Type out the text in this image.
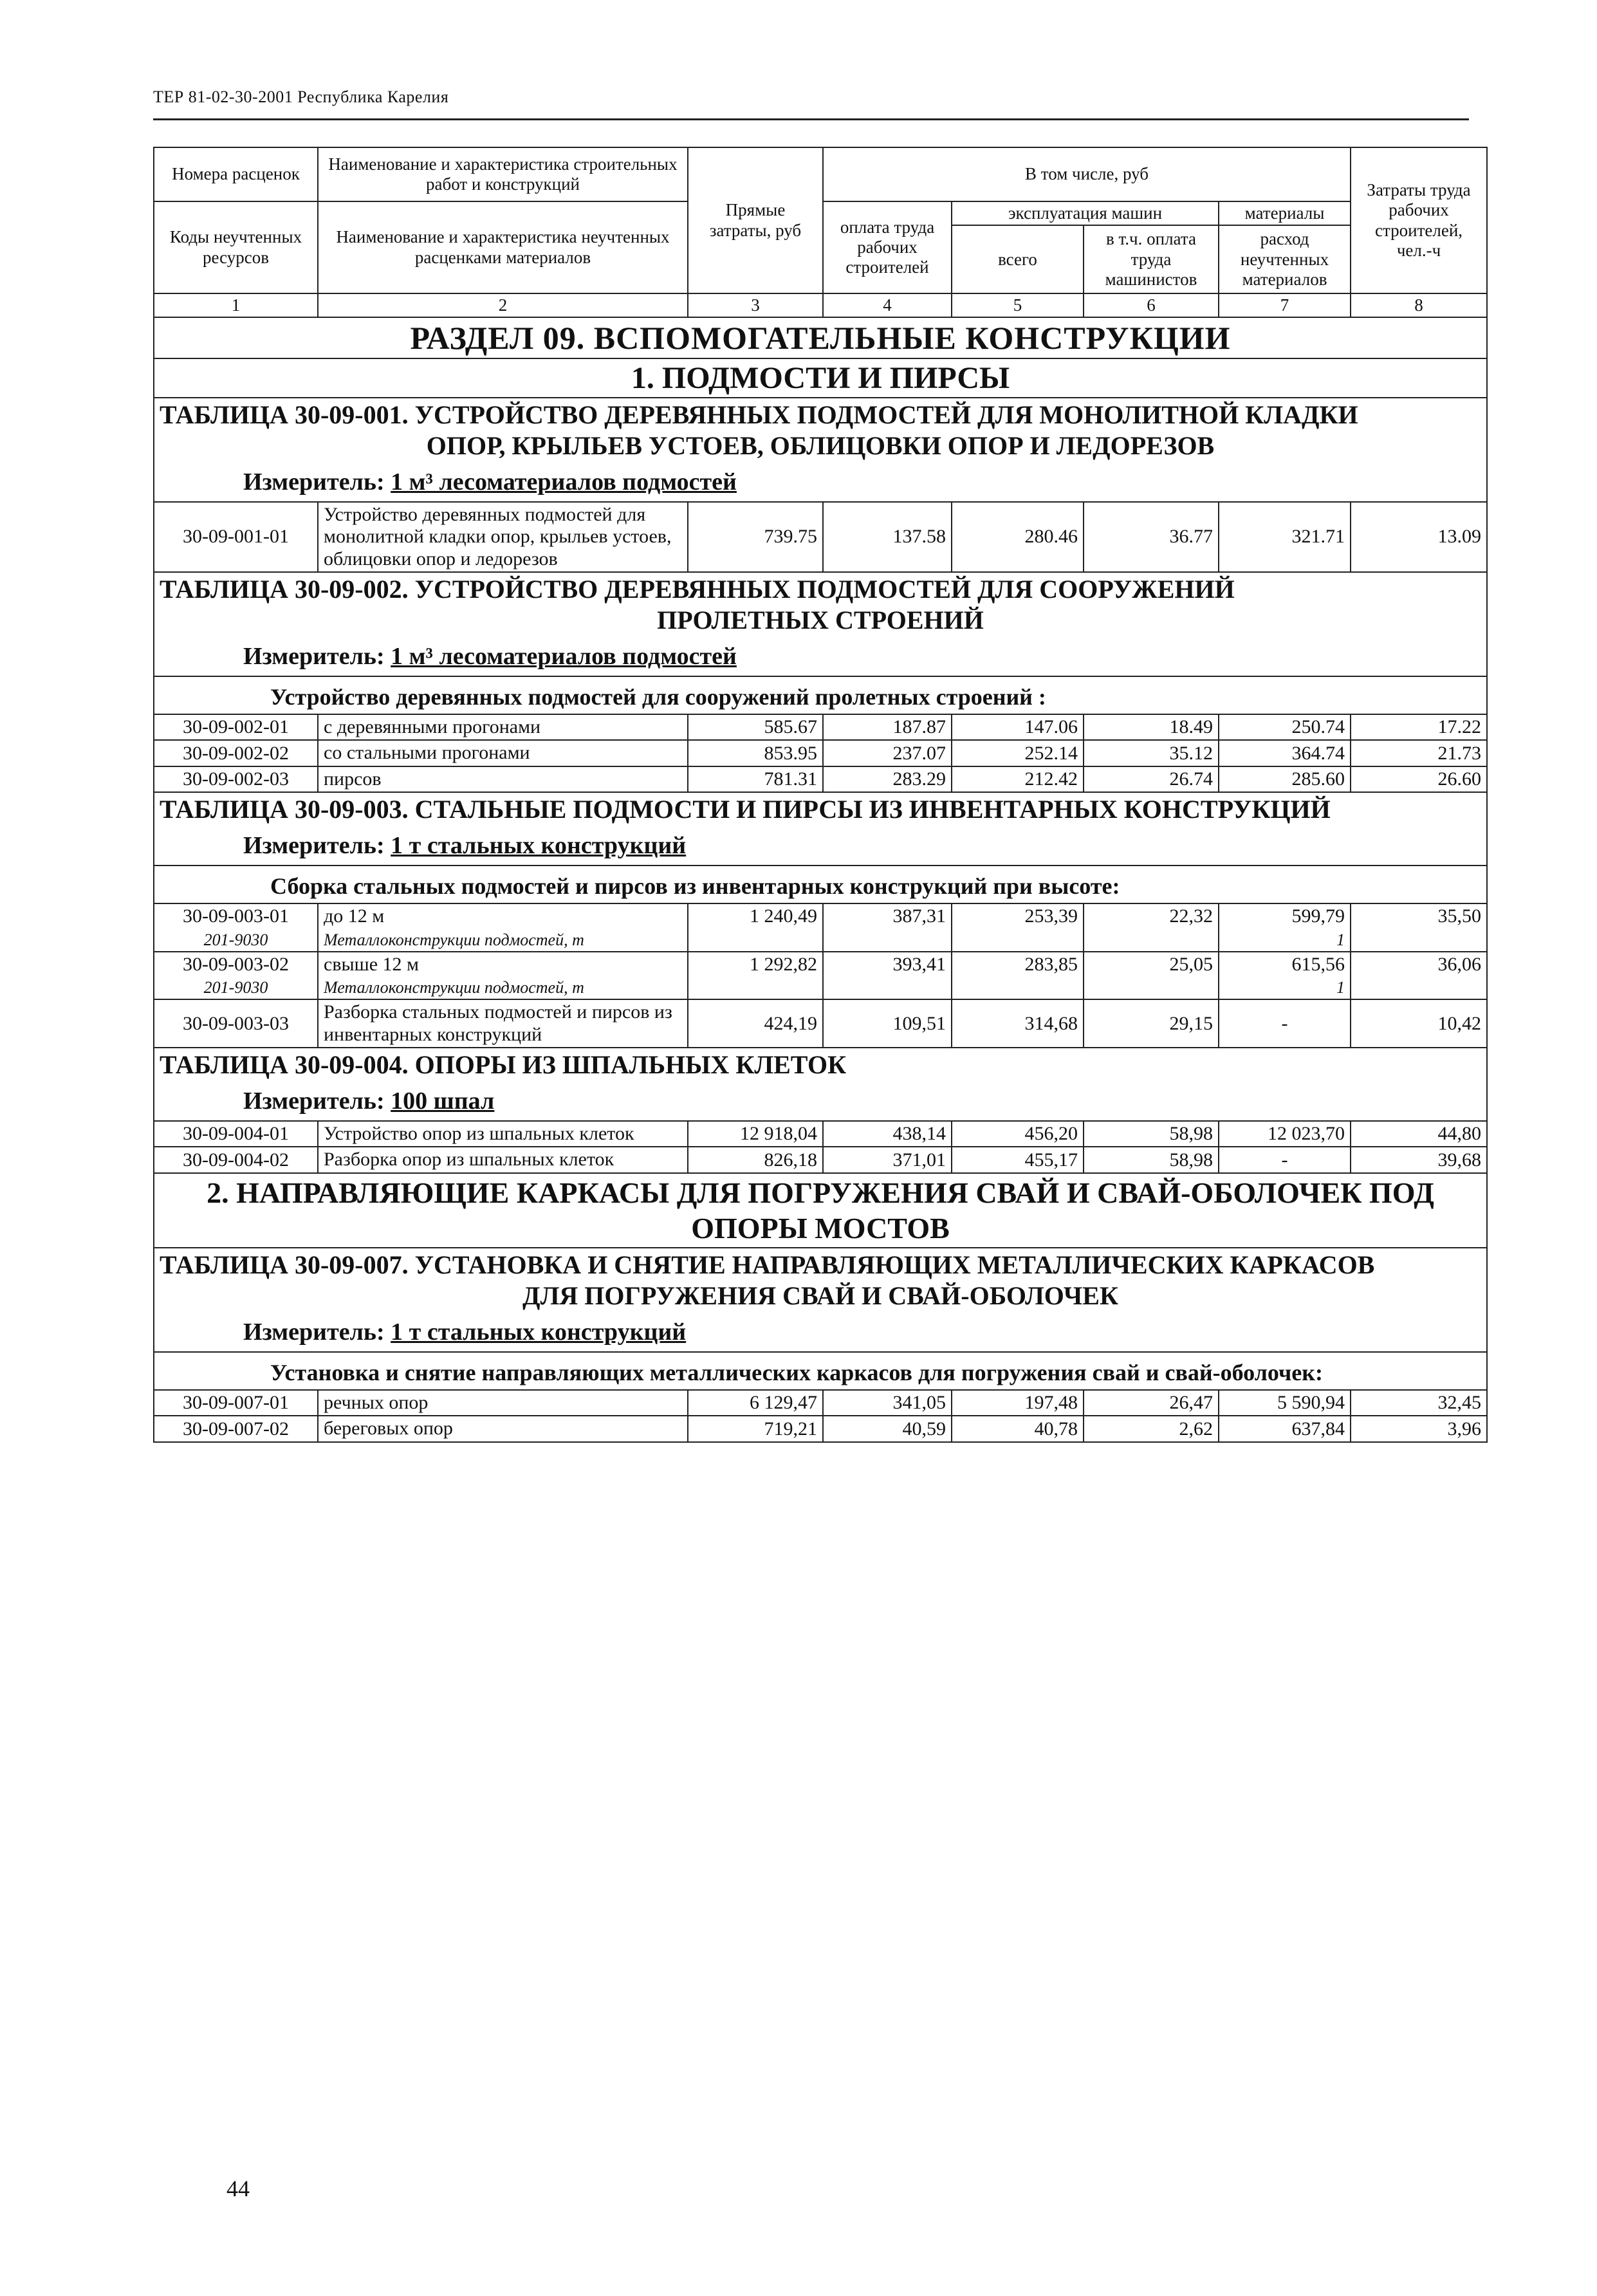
ТЕР 81-02-30-2001 Республика Карелия
Номера расценок	Наименование и характеристика строительных работ и конструкций	Прямые затраты, руб	В том числе, руб				Затраты труда рабочих строителей, чел.-ч
Коды неучтенных ресурсов	Наименование и характеристика неучтенных расценками материалов		оплата труда рабочих строителей	эксплуатация машин		материалы	
				всего	в т.ч. оплата труда машинистов	расход неучтенных материалов	
1	2	3	4	5	6	7	8
РАЗДЕЛ 09. ВСПОМОГАТЕЛЬНЫЕ КОНСТРУКЦИИ							
1. ПОДМОСТИ И ПИРСЫ							
ТАБЛИЦА 30-09-001. УСТРОЙСТВО ДЕРЕВЯННЫХ ПОДМОСТЕЙ ДЛЯ МОНОЛИТНОЙ КЛАДКИ
ОПОР, КРЫЛЬЕВ УСТОЕВ, ОБЛИЦОВКИ ОПОР И ЛЕДОРЕЗОВ
Измеритель: 1 м³ лесоматериалов подмостей							

30-09-001-01	Устройство деревянных подмостей для монолитной кладки опор, крыльев устоев, облицовки опор и ледорезов	739.75	137.58	280.46	36.77	321.71	13.09
ТАБЛИЦА 30-09-002. УСТРОЙСТВО ДЕРЕВЯННЫХ ПОДМОСТЕЙ ДЛЯ СООРУЖЕНИЙ
ПРОЛЕТНЫХ СТРОЕНИЙ
Измеритель: 1 м³ лесоматериалов подмостей							

Устройство деревянных подмостей для сооружений пролетных строений :							
30-09-002-01	с деревянными прогонами	585.67	187.87	147.06	18.49	250.74	17.22
30-09-002-02	со стальными прогонами	853.95	237.07	252.14	35.12	364.74	21.73
30-09-002-03	пирсов	781.31	283.29	212.42	26.74	285.60	26.60
ТАБЛИЦА 30-09-003. СТАЛЬНЫЕ ПОДМОСТИ И ПИРСЫ ИЗ ИНВЕНТАРНЫХ КОНСТРУКЦИЙ
Измеритель: 1 т стальных конструкций							

Сборка стальных подмостей и пирсов из инвентарных конструкций при высоте:							
30-09-003-01	до 12 м	1 240,49	387,31	253,39	22,32	599,79	35,50
201-9030	Металлоконструкции подмостей, т					1	
30-09-003-02	свыше 12 м	1 292,82	393,41	283,85	25,05	615,56	36,06
201-9030	Металлоконструкции подмостей, т					1	
30-09-003-03	Разборка стальных подмостей и пирсов из инвентарных конструкций	424,19	109,51	314,68	29,15	-	10,42
ТАБЛИЦА 30-09-004. ОПОРЫ ИЗ ШПАЛЬНЫХ КЛЕТОК
Измеритель: 100 шпал							

30-09-004-01	Устройство опор из шпальных клеток	12 918,04	438,14	456,20	58,98	12 023,70	44,80
30-09-004-02	Разборка опор из шпальных клеток	826,18	371,01	455,17	58,98	-	39,68
2. НАПРАВЛЯЮЩИЕ КАРКАСЫ ДЛЯ ПОГРУЖЕНИЯ СВАЙ И СВАЙ-ОБОЛОЧЕК ПОД ОПОРЫ МОСТОВ							
ТАБЛИЦА 30-09-007. УСТАНОВКА И СНЯТИЕ НАПРАВЛЯЮЩИХ МЕТАЛЛИЧЕСКИХ КАРКАСОВ
ДЛЯ ПОГРУЖЕНИЯ СВАЙ И СВАЙ-ОБОЛОЧЕК
Измеритель: 1 т стальных конструкций							

Установка и снятие направляющих металлических каркасов для погружения свай и свай-оболочек:							
30-09-007-01	речных опор	6 129,47	341,05	197,48	26,47	5 590,94	32,45
30-09-007-02	береговых опор	719,21	40,59	40,78	2,62	637,84	3,96
44
